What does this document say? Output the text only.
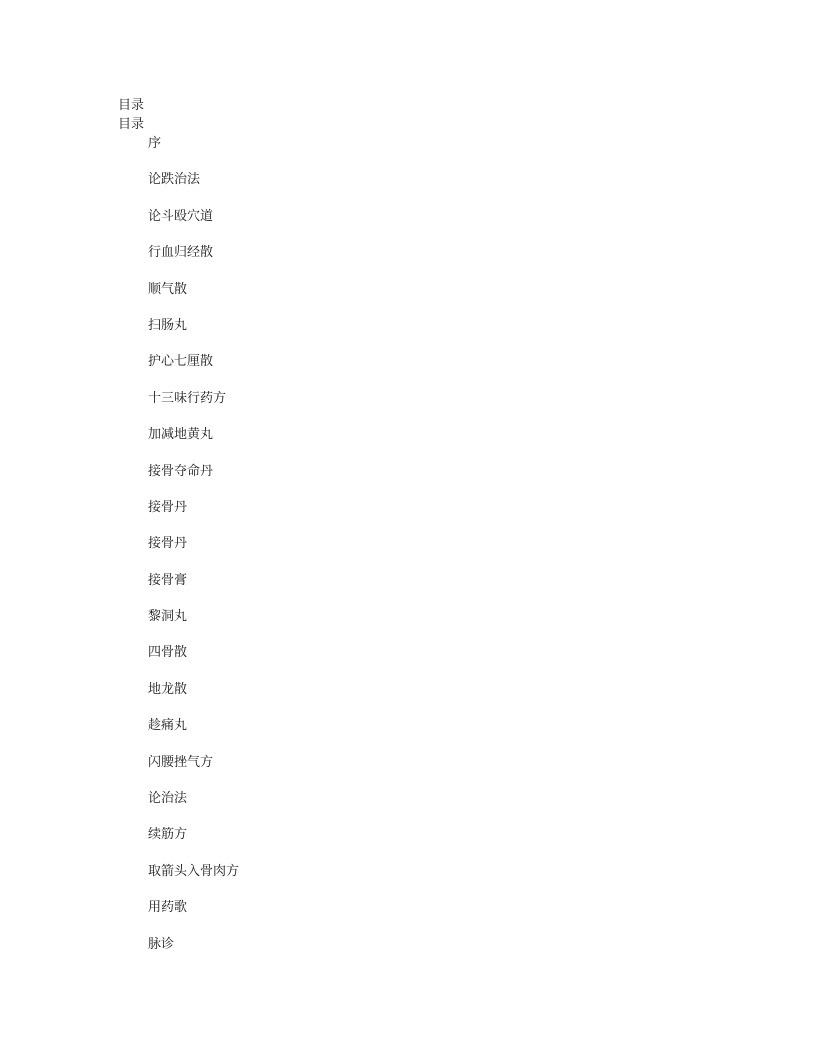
目录

目录

序

论跌治法

论斗殴穴道

行血归经散

顺气散

扫肠丸

护心七厘散

十三味行药方

加减地黄丸

接骨夺命丹

接骨丹

接骨丹

接骨膏

黎洞丸

四骨散

地龙散

趁痛丸

闪腰挫气方

论治法

续筋方

取箭头入骨肉方

用药歌

脉诊
